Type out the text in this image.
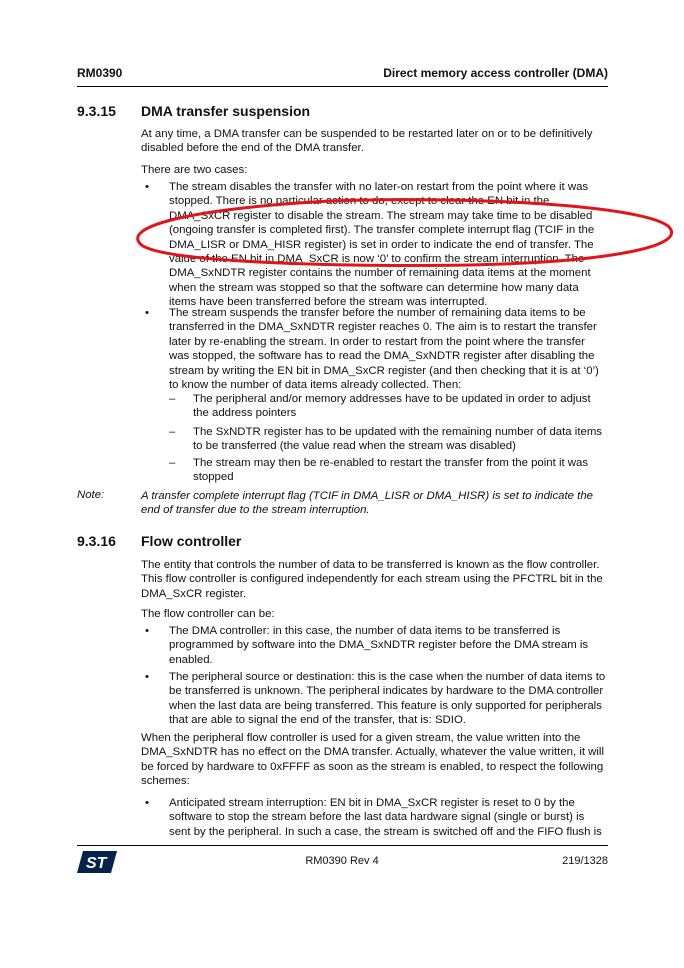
RM0390	Direct memory access controller (DMA)
9.3.15 DMA transfer suspension

At any time, a DMA transfer can be suspended to be restarted later on or to be definitively disabled before the end of the DMA transfer.

There are two cases:

• The stream disables the transfer with no later-on restart from the point where it was stopped. There is no particular action to do, except to clear the EN bit in the DMA_SxCR register to disable the stream. The stream may take time to be disabled (ongoing transfer is completed first). The transfer complete interrupt flag (TCIF in the DMA_LISR or DMA_HISR register) is set in order to indicate the end of transfer. The value of the EN bit in DMA_SxCR is now ‘0’ to confirm the stream interruption. The DMA_SxNDTR register contains the number of remaining data items at the moment when the stream was stopped so that the software can determine how many data items have been transferred before the stream was interrupted.
• The stream suspends the transfer before the number of remaining data items to be transferred in the DMA_SxNDTR register reaches 0. The aim is to restart the transfer later by re-enabling the stream. In order to restart from the point where the transfer was stopped, the software has to read the DMA_SxNDTR register after disabling the stream by writing the EN bit in DMA_SxCR register (and then checking that it is at ‘0’) to know the number of data items already collected. Then:
– The peripheral and/or memory addresses have to be updated in order to adjust the address pointers
– The SxNDTR register has to be updated with the remaining number of data items to be transferred (the value read when the stream was disabled)
– The stream may then be re-enabled to restart the transfer from the point it was stopped
Note:	A transfer complete interrupt flag (TCIF in DMA_LISR or DMA_HISR) is set to indicate the end of transfer due to the stream interruption.
9.3.16 Flow controller

The entity that controls the number of data to be transferred is known as the flow controller. This flow controller is configured independently for each stream using the PFCTRL bit in the DMA_SxCR register.

The flow controller can be:

• The DMA controller: in this case, the number of data items to be transferred is programmed by software into the DMA_SxNDTR register before the DMA stream is enabled.
• The peripheral source or destination: this is the case when the number of data items to be transferred is unknown. The peripheral indicates by hardware to the DMA controller when the last data are being transferred. This feature is only supported for peripherals that are able to signal the end of the transfer, that is: SDIO.

When the peripheral flow controller is used for a given stream, the value written into the DMA_SxNDTR has no effect on the DMA transfer. Actually, whatever the value written, it will be forced by hardware to 0xFFFF as soon as the stream is enabled, to respect the following schemes:

• Anticipated stream interruption: EN bit in DMA_SxCR register is reset to 0 by the software to stop the stream before the last data hardware signal (single or burst) is sent by the peripheral. In such a case, the stream is switched off and the FIFO flush is
ST	RM0390 Rev 4	219/1328
